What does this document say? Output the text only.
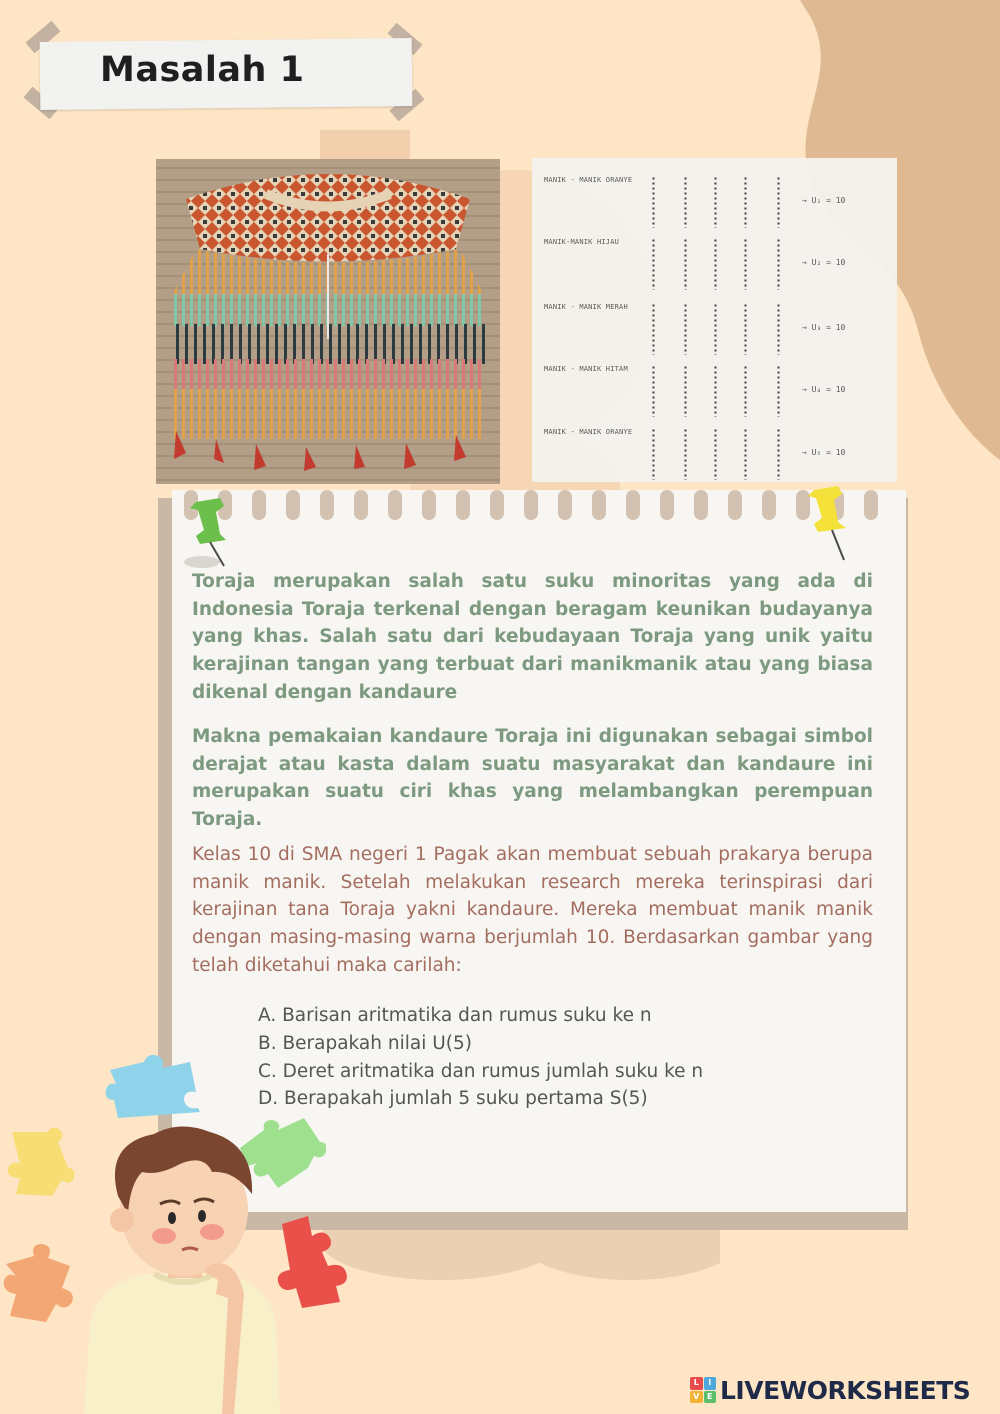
Masalah 1
MANIK - MANIK ORANYE
→ U₁ = 10
MANIK-MANIK HIJAU
→ U₂ = 10
MANIK - MANIK MERAH
→ U₃ = 10
MANIK - MANIK HITAM
→ U₄ = 10
MANIK - MANIK ORANYE
→ U₅ = 10

Toraja merupakan salah satu suku minoritas yang ada di Indonesia Toraja terkenal dengan beragam keunikan budayanya yang khas. Salah satu dari kebudayaan Toraja yang unik yaitu kerajinan tangan yang terbuat dari manikmanik atau yang biasa dikenal dengan kandaure

Makna pemakaian kandaure Toraja ini digunakan sebagai simbol derajat atau kasta dalam suatu masyarakat dan kandaure ini merupakan suatu ciri khas yang melambangkan perempuan Toraja.

Kelas 10 di SMA negeri 1 Pagak akan membuat sebuah prakarya berupa manik manik. Setelah melakukan research mereka terinspirasi dari kerajinan tana Toraja yakni kandaure. Mereka membuat manik manik dengan masing-masing warna berjumlah 10. Berdasarkan gambar yang telah diketahui maka carilah:

A. Barisan aritmatika dan rumus suku ke n
B. Berapakah nilai U(5)
C. Deret aritmatika dan rumus jumlah suku ke n
D. Berapakah jumlah 5 suku pertama S(5)
L	I
V E LIVEWORKSHEETS
